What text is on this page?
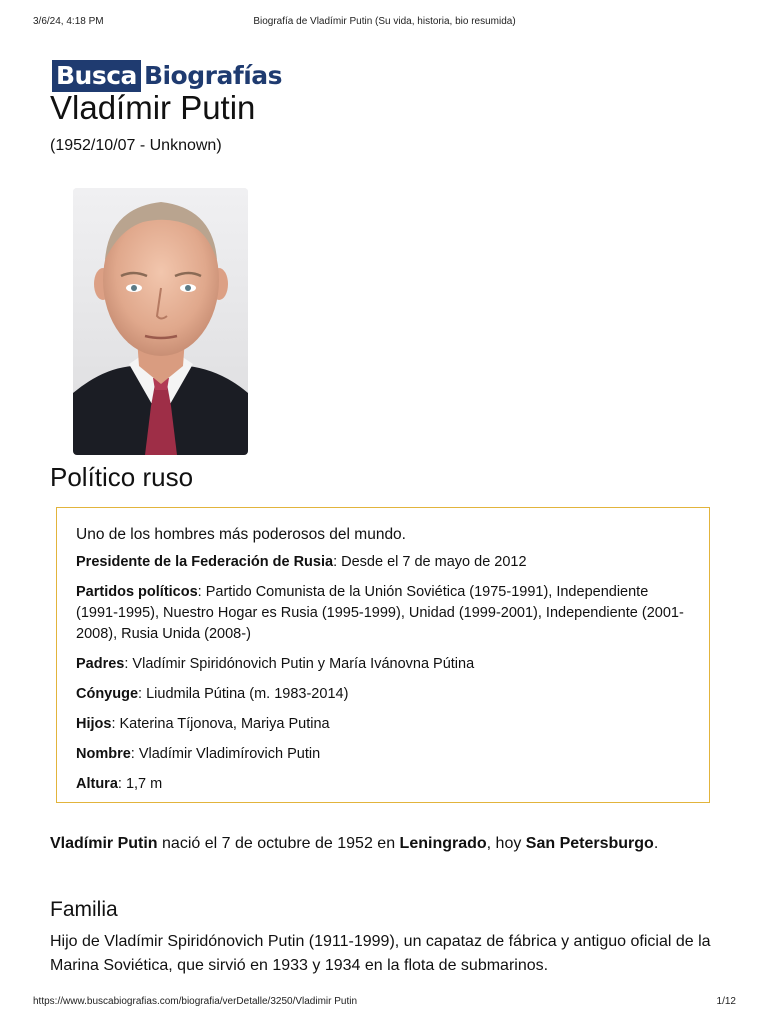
3/6/24, 4:18 PM	Biografía de Vladímir Putin (Su vida, historia, bio resumida)
Busca Biografías
Vladímir Putin
(1952/10/07 - Unknown)
Político ruso

Uno de los hombres más poderosos del mundo.

Presidente de la Federación de Rusia: Desde el 7 de mayo de 2012

Partidos políticos: Partido Comunista de la Unión Soviética (1975-1991), Independiente (1991-1995), Nuestro Hogar es Rusia (1995-1999), Unidad (1999-2001), Independiente (2001-2008), Rusia Unida (2008-)

Padres: Vladímir Spiridónovich Putin y María Ivánovna Pútina

Cónyuge: Liudmila Pútina (m. 1983-2014)

Hijos: Katerina Tíjonova, Mariya Putina

Nombre: Vladímir Vladimírovich Putin

Altura: 1,7 m

Vladímir Putin nació el 7 de octubre de 1952 en Leningrado, hoy San Petersburgo.

Familia

Hijo de Vladímir Spiridónovich Putin (1911-1999), un capataz de fábrica y antiguo oficial de la Marina Soviética, que sirvió en 1933 y 1934 en la flota de submarinos.

https://www.buscabiografias.com/biografia/verDetalle/3250/Vladimir Putin	1/12
